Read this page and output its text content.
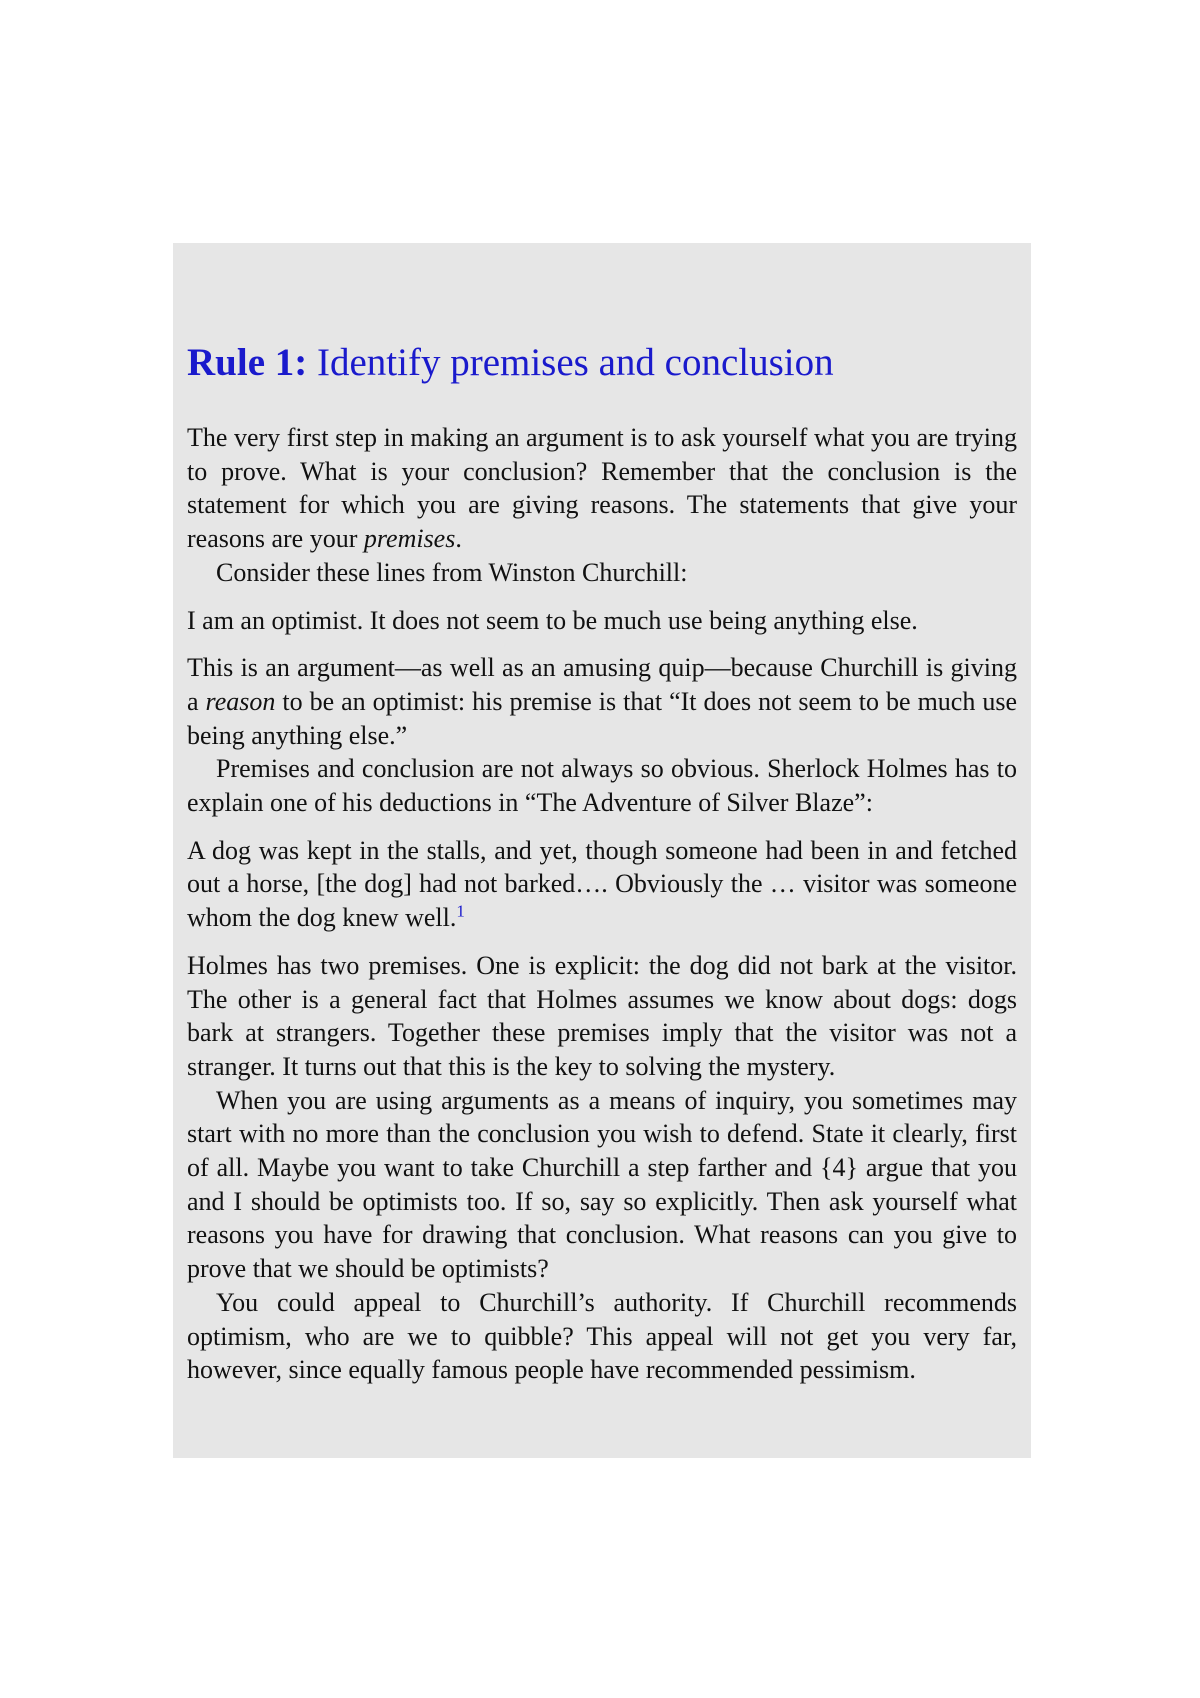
Rule 1: Identify premises and conclusion

The very first step in making an argument is to ask yourself what you are trying to prove. What is your conclusion? Remember that the conclusion is the statement for which you are giving reasons. The statements that give your reasons are your premises.

Consider these lines from Winston Churchill:

I am an optimist. It does not seem to be much use being anything else.

This is an argument—as well as an amusing quip—because Churchill is giving a reason to be an optimist: his premise is that “It does not seem to be much use being anything else.”

Premises and conclusion are not always so obvious. Sherlock Holmes has to explain one of his deductions in “The Adventure of Silver Blaze”:

A dog was kept in the stalls, and yet, though someone had been in and fetched out a horse, [the dog] had not barked…. Obviously the … visitor was someone whom the dog knew well.$^1$

Holmes has two premises. One is explicit: the dog did not bark at the visitor. The other is a general fact that Holmes assumes we know about dogs: dogs bark at strangers. Together these premises imply that the visitor was not a stranger. It turns out that this is the key to solving the mystery.

When you are using arguments as a means of inquiry, you sometimes may start with no more than the conclusion you wish to defend. State it clearly, first of all. Maybe you want to take Churchill a step farther and {4} argue that you and I should be optimists too. If so, say so explicitly. Then ask yourself what reasons you have for drawing that conclusion. What reasons can you give to prove that we should be optimists?

You could appeal to Churchill’s authority. If Churchill recommends optimism, who are we to quibble? This appeal will not get you very far, however, since equally famous people have recommended pessimism.
